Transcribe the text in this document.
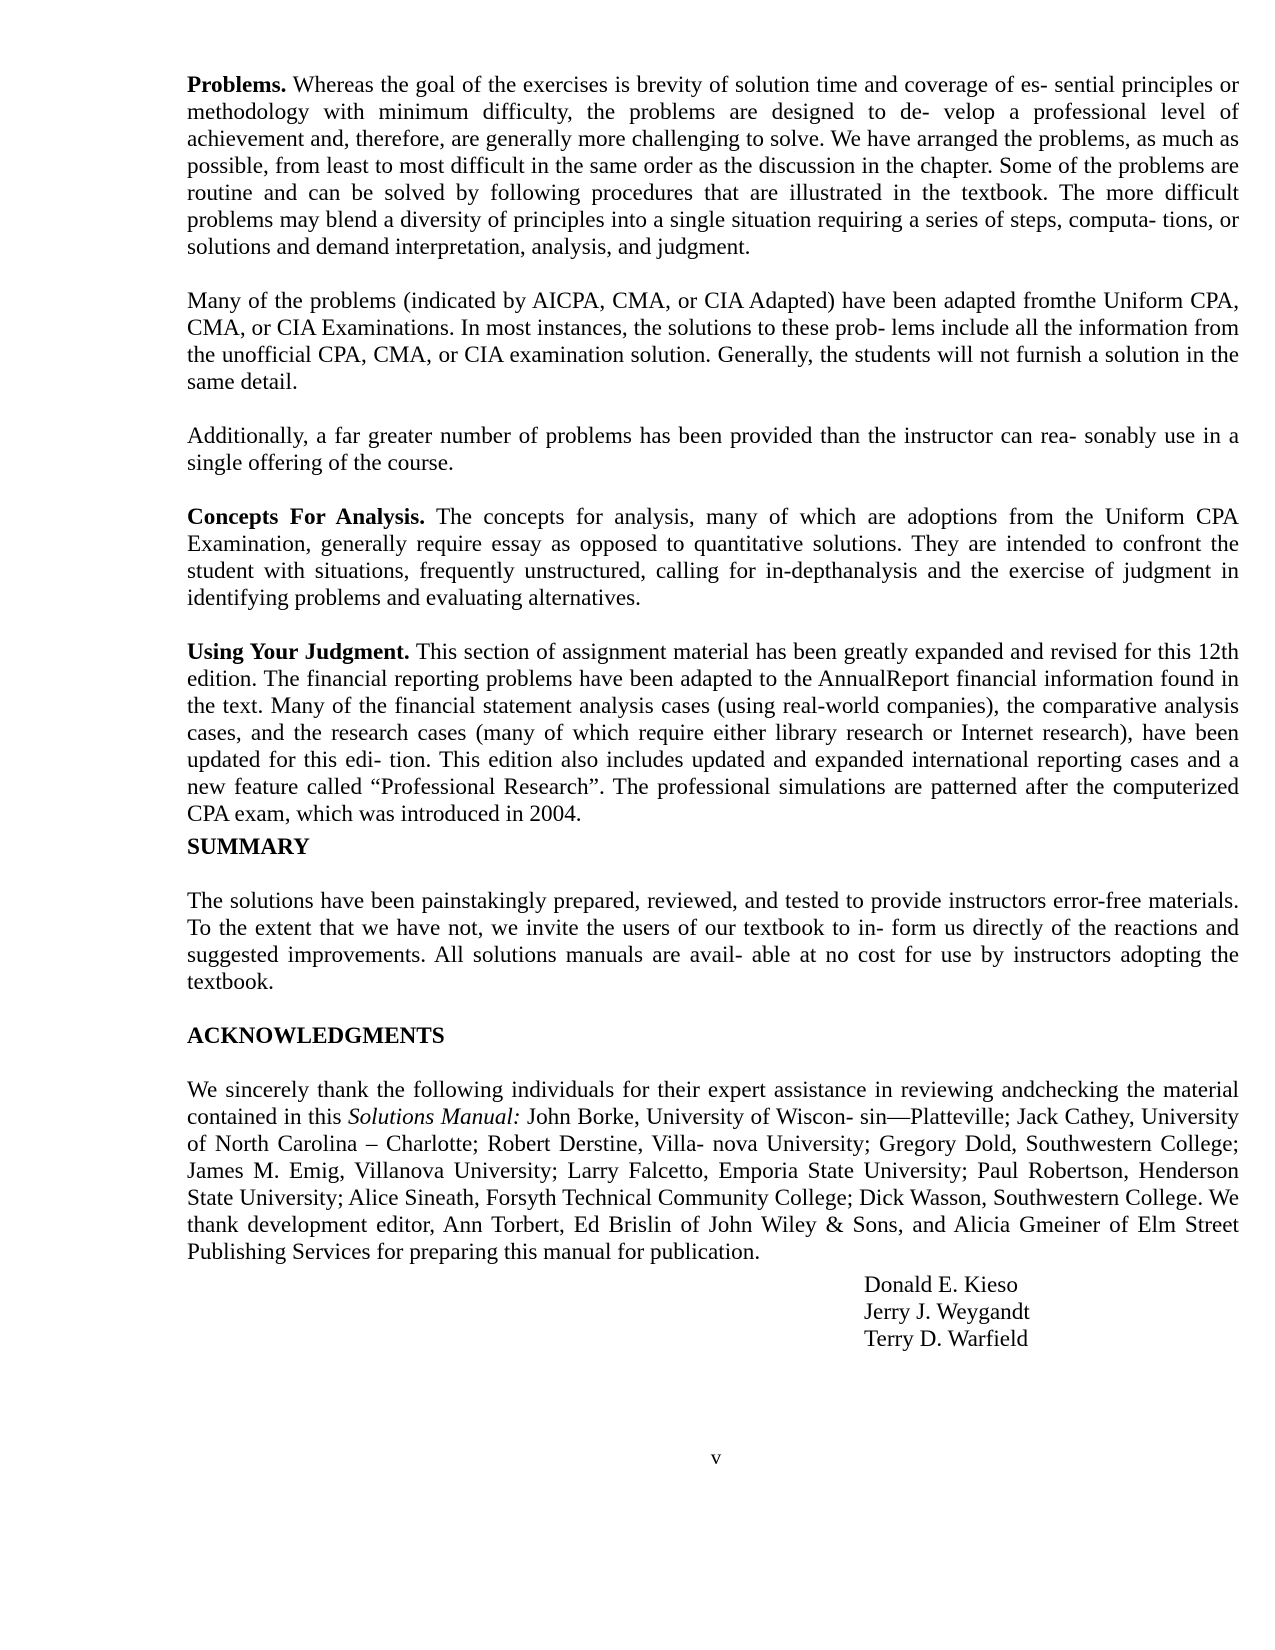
Problems. Whereas the goal of the exercises is brevity of solution time and coverage of es- sential principles or methodology with minimum difficulty, the problems are designed to de- velop a professional level of achievement and, therefore, are generally more challenging to solve. We have arranged the problems, as much as possible, from least to most difficult in the same order as the discussion in the chapter. Some of the problems are routine and can be solved by following procedures that are illustrated in the textbook. The more difficult problems may blend a diversity of principles into a single situation requiring a series of steps, computa- tions, or solutions and demand interpretation, analysis, and judgment.

Many of the problems (indicated by AICPA, CMA, or CIA Adapted) have been adapted fromthe Uniform CPA, CMA, or CIA Examinations. In most instances, the solutions to these prob- lems include all the information from the unofficial CPA, CMA, or CIA examination solution. Generally, the students will not furnish a solution in the same detail.

Additionally, a far greater number of problems has been provided than the instructor can rea- sonably use in a single offering of the course.

Concepts For Analysis. The concepts for analysis, many of which are adoptions from the Uniform CPA Examination, generally require essay as opposed to quantitative solutions. They are intended to confront the student with situations, frequently unstructured, calling for in-depthanalysis and the exercise of judgment in identifying problems and evaluating alternatives.

Using Your Judgment. This section of assignment material has been greatly expanded and revised for this 12th edition. The financial reporting problems have been adapted to the AnnualReport financial information found in the text. Many of the financial statement analysis cases (using real-world companies), the comparative analysis cases, and the research cases (many of which require either library research or Internet research), have been updated for this edi- tion. This edition also includes updated and expanded international reporting cases and a new feature called “Professional Research”. The professional simulations are patterned after the computerized CPA exam, which was introduced in 2004.

SUMMARY

The solutions have been painstakingly prepared, reviewed, and tested to provide instructors error-free materials. To the extent that we have not, we invite the users of our textbook to in- form us directly of the reactions and suggested improvements. All solutions manuals are avail- able at no cost for use by instructors adopting the textbook.

ACKNOWLEDGMENTS

We sincerely thank the following individuals for their expert assistance in reviewing andchecking the material contained in this Solutions Manual: John Borke, University of Wiscon- sin—Platteville; Jack Cathey, University of North Carolina – Charlotte; Robert Derstine, Villa- nova University; Gregory Dold, Southwestern College; James M. Emig, Villanova University; Larry Falcetto, Emporia State University; Paul Robertson, Henderson State University; Alice Sineath, Forsyth Technical Community College; Dick Wasson, Southwestern College. We thank development editor, Ann Torbert, Ed Brislin of John Wiley & Sons, and Alicia Gmeiner of Elm Street Publishing Services for preparing this manual for publication.

Donald E. Kieso
Jerry J. Weygandt
Terry D. Warfield
v
